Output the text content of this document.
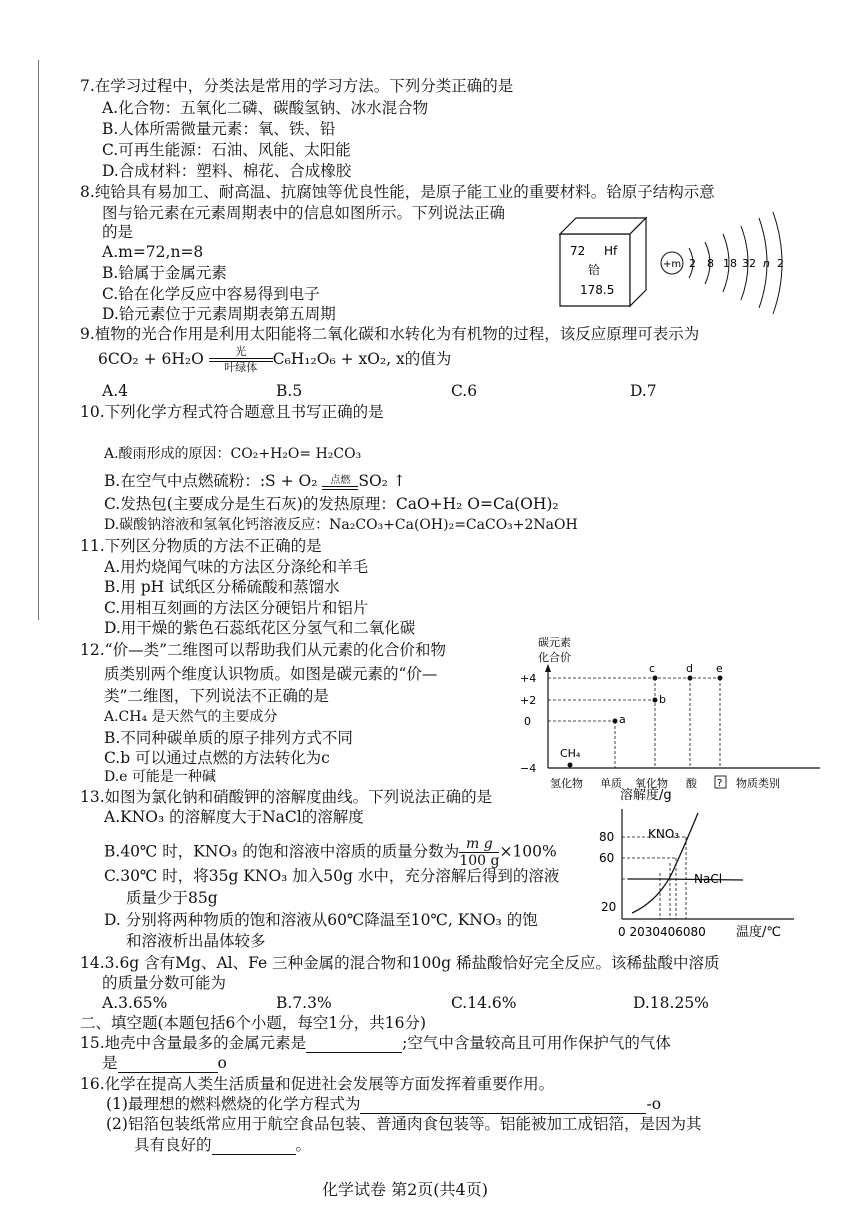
7.在学习过程中，分类法是常用的学习方法。下列分类正确的是
A.化合物：五氧化二磷、碳酸氢钠、冰水混合物
B.人体所需微量元素：氧、铁、铅
C.可再生能源：石油、风能、太阳能
D.合成材料：塑料、棉花、合成橡胶
8.纯铪具有易加工、耐高温、抗腐蚀等优良性能，是原子能工业的重要材料。铪原子结构示意
图与铪元素在元素周期表中的信息如图所示。下列说法正确
的是
A.m=72,n=8
B.铪属于金属元素
C.铪在化学反应中容易得到电子
D.铪元素位于元素周期表第五周期
72 Hf
铪
178.5
+m 2 8 18 32 n 2
9.植物的光合作用是利用太阳能将二氧化碳和水转化为有机物的过程，该反应原理可表示为
6CO₂ + 6H₂O	光
叶绿体	C₆H₁₂O₆ + xO₂, x的值为
A.4	B.5	C.6	D.7
10.下列化学方程式符合题意且书写正确的是
A.酸雨形成的原因：CO₂+H₂O= H₂CO₃
B.在空气中点燃硫粉：:S + O₂ 点燃 SO₂ ↑
C.发热包(主要成分是生石灰)的发热原理：CaO+H₂ O=Ca(OH)₂
D.碳酸钠溶液和氢氧化钙溶液反应：Na₂CO₃+Ca(OH)₂=CaCO₃+2NaOH
11.下列区分物质的方法不正确的是
A.用灼烧闻气味的方法区分涤纶和羊毛
B.用 pH 试纸区分稀硫酸和蒸馏水
C.用相互刻画的方法区分硬铝片和铝片
D.用干燥的紫色石蕊纸花区分氢气和二氧化碳
12.“价—类”二维图可以帮助我们从元素的化合价和物
质类别两个维度认识物质。如图是碳元素的“价—
类”二维图，下列说法不正确的是
A.CH₄ 是天然气的主要成分
B.不同种碳单质的原子排列方式不同
C.b 可以通过点燃的方法转化为c
D.e 可能是一种碱
碳元素
化合价
+4
+2
0
−4
CH₄
a
b
c	d e
氢化物 单质 氧化物 酸 ? 物质类别
13.如图为氯化钠和硝酸钾的溶解度曲线。下列说法正确的是
A.KNO₃ 的溶解度大于NaCl的溶解度
B.40℃ 时，KNO₃ 的饱和溶液中溶质的质量分数为 $\frac{\text{m g}}{100 g} \times 100\%$
C.30℃ 时，将35g KNO₃ 加入50g 水中，充分溶解后得到的溶液
质量少于85g
D. 分别将两种物质的饱和溶液从60℃降温至10℃, KNO₃ 的饱
和溶液析出晶体较多
溶解度/g
80
60
20
KNO₃
NaCl
0 2030406080 温度/℃
14.3.6g 含有Mg、Al、Fe 三种金属的混合物和100g 稀盐酸恰好完全反应。该稀盐酸中溶质
的质量分数可能为
A.3.65%	B.7.3%	C.14.6%	D.18.25%
二、填空题(本题包括6个小题，每空1分，共16分)
15.地壳中含量最多的金属元素是	;空气中含量较高且可用作保护气的气体
是	o
16.化学在提高人类生活质量和促进社会发展等方面发挥着重要作用。
(1)最理想的燃料燃烧的化学方程式为	-o
(2)铝箔包装纸常应用于航空食品包装、普通肉食包装等。铝能被加工成铝箔，是因为其
具有良好的	。
化学试卷 第2页(共4页)
